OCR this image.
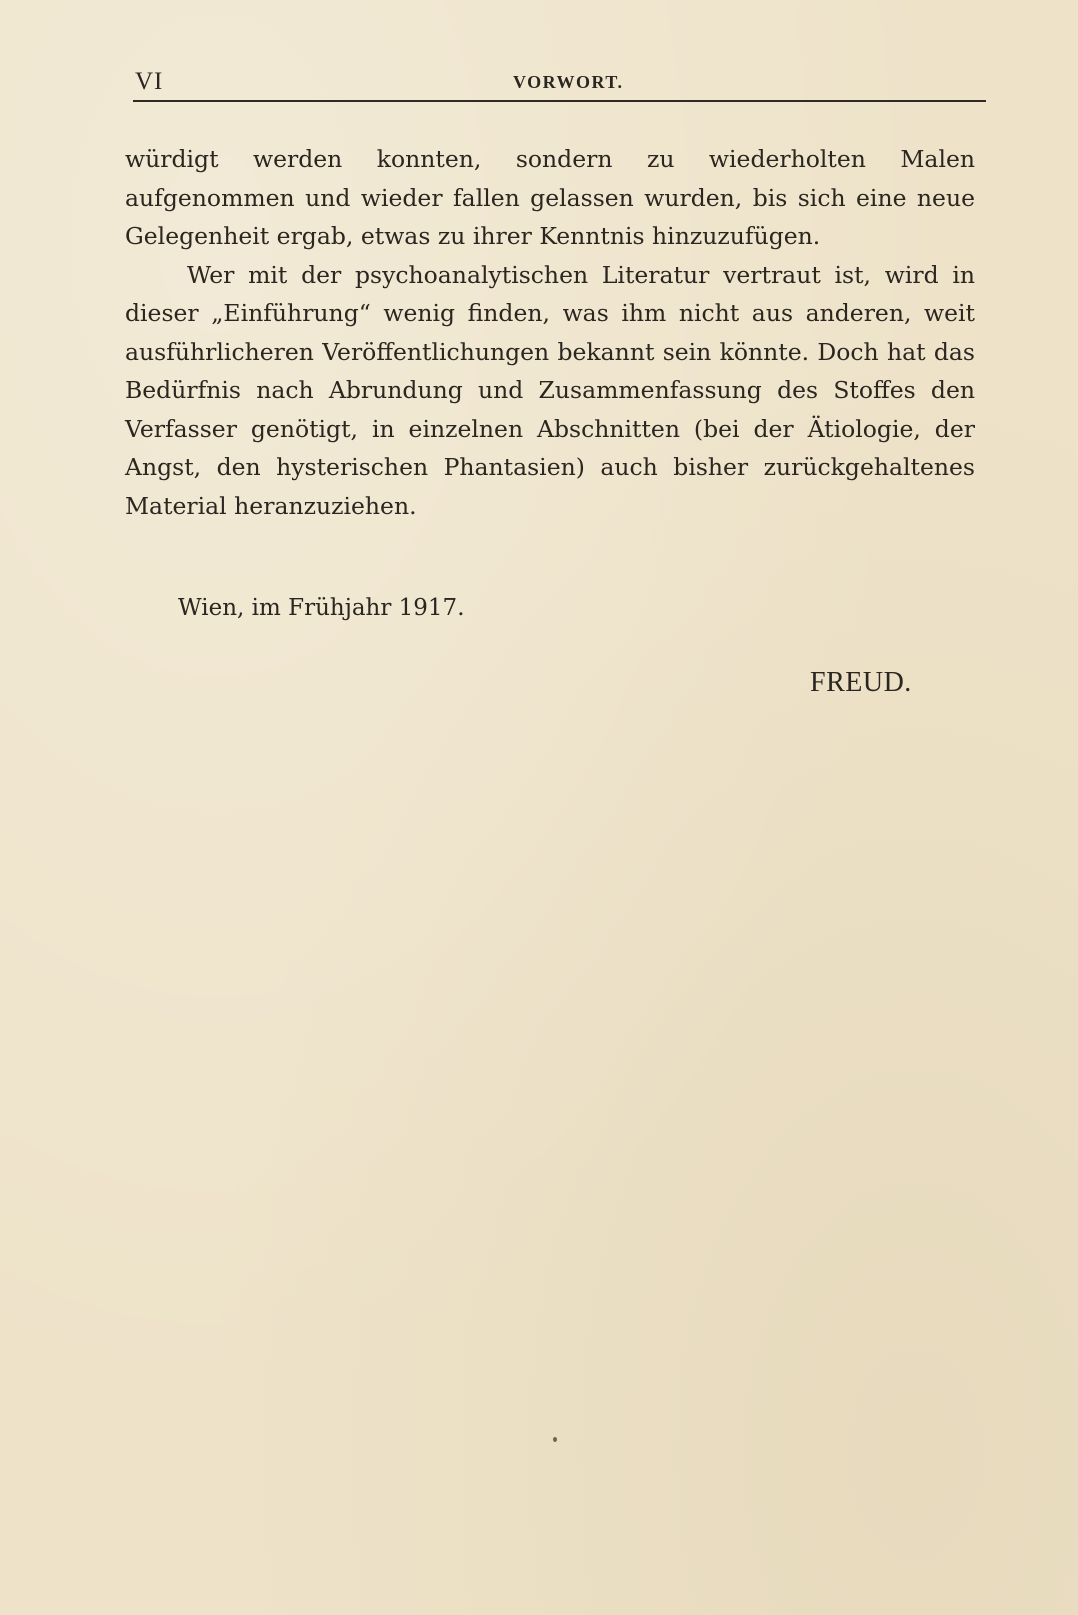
VI	VORWORT.

würdigt werden konnten, sondern zu wiederholten Malen aufgenommen und wieder fallen gelassen wurden, bis sich eine neue Gelegenheit ergab, etwas zu ihrer Kenntnis hinzuzufügen.

Wer mit der psychoanalytischen Literatur vertraut ist, wird in dieser „Einführung“ wenig finden, was ihm nicht aus anderen, weit ausführlicheren Veröffentlichungen bekannt sein könnte. Doch hat das Bedürfnis nach Abrundung und Zusammenfassung des Stoffes den Verfasser genötigt, in einzelnen Abschnitten (bei der Ätiologie, der Angst, den hysterischen Phantasien) auch bisher zurückgehaltenes Material heranzuziehen.

Wien, im Frühjahr 1917.
FREUD.
